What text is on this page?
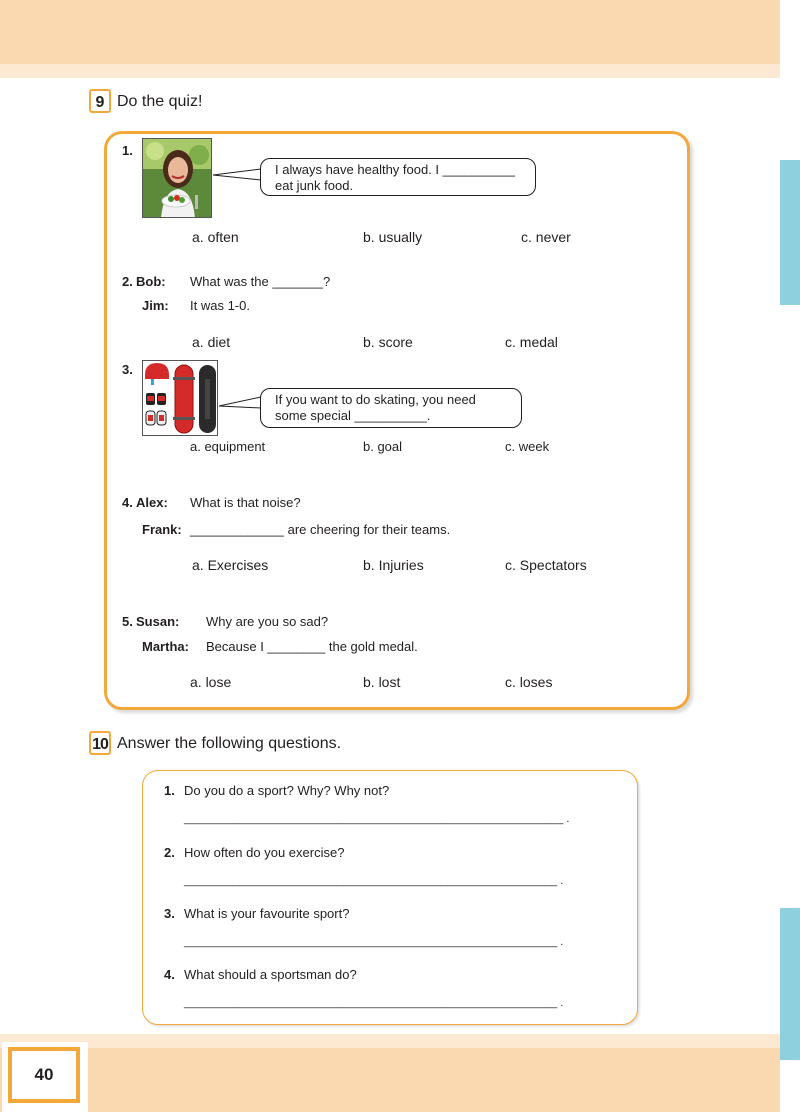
9 Do the quiz!
1.
I always have healthy food. I __________
eat junk food.
a. often	b. usually	c. never
2. Bob: What was the _______?
Jim: It was 1-0.
a. diet	b. score	c. medal
3.
If you want to do skating, you need
some special __________.
a. equipment	b. goal	c. week
4. Alex: What is that noise?
Frank: _____________ are cheering for their teams.
a. Exercises	b. Injuries	c. Spectators
5. Susan: Why are you so sad?
Martha: Because I ________ the gold medal.
a. lose	b. lost	c. loses
10 Answer the following questions.
1. Do you do a sport? Why? Why not?
______________________________________________________________ .
2. How often do you exercise?
_____________________________________________________________ .
3. What is your favourite sport?
_____________________________________________________________ .
4. What should a sportsman do?
_____________________________________________________________ .
40
